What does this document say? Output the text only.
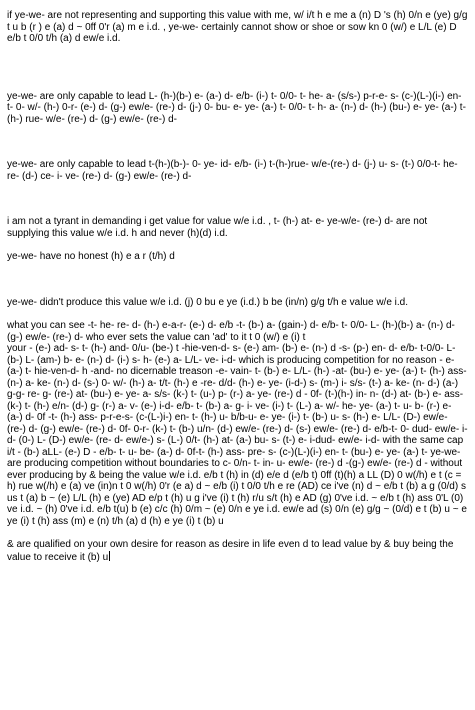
if ye-we- are not representing and supporting this value with me, w/ i/t h e me a (n) D 's (h) 0/n e (ye) g/g t u b (r ) e (a) d ~ 0ff 0'r (a) m e i.d. , ye-we- certainly cannot show or shoe or sow kn 0 (w/) e L/L (e) D e/b t 0/0 t/h (a) d ew/e i.d.

ye-we- are only capable to lead L- (h-)(b-) e- (a-) d- e/b- (i-) t- 0/0- t- he- a- (s/s-) p-r-e- s- (c-)(L-)(i-) en- t- 0- w/- (h-) 0-r- (e-) d- (g-) ew/e- (re-) d- (j-) 0- bu- e- ye- (a-) t- 0/0- t- h- a- (n-) d- (h-) (bu-) e- ye- (a-) t- (h-) rue- w/e- (re-) d- (g-) ew/e- (re-) d-

ye-we- are only capable to lead t-(h-)(b-)- 0- ye- id- e/b- (i-) t-(h-)rue- w/e-(re-) d- (j-) u- s- (t-) 0/0-t- he- re- (d-) ce- i- ve- (re-) d- (g-) ew/e- (re-) d-

i am not a tyrant in demanding i get value for value w/e i.d. , t- (h-) at- e- ye-w/e- (re-) d- are not supplying this value w/e i.d. h and never (h)(d) i.d.

ye-we- have no honest (h) e a r (t/h) d

ye-we- didn't produce this value w/e i.d. (j) 0 bu e ye (i.d.) b be (in/n) g/g t/h e value w/e i.d.

what you can see -t- he- re- d- (h-) e-a-r- (e-) d- e/b -t- (b-) a- (gain-) d- e/b- t- 0/0- L- (h-)(b-) a- (n-) d- (g-) ew/e- (re-) d- who ever sets the value can 'ad' to it t 0 (w/) e (i) t

your - (e-) ad- s- t- (h-) and- 0/u- (be-) t -hie-ven-d- s- (e-) am- (b-) e- (n-) d -s- (p-) en- d- e/b- t-0/0- L- (b-) L- (am-) b- e- (n-) d- (i-) s- h- (e-) a- L/L- ve- i-d- which is producing competition for no reason - e- (a-) t- hie-ven-d- h -and- no dicernable treason -e- vain- t- (b-) e- L/L- (h-) -at- (bu-) e- ye- (a-) t- (h-) ass- (n-) a- ke- (n-) d- (s-) 0- w/- (h-) a- t/t- (h-) e -re- d/d- (h-) e- ye- (i-d-) s- (m-) i- s/s- (t-) a- ke- (n- d-) (a-) g-g- re- g- (re-) at- (bu-) e- ye- a- s/s- (k-) t- (u-) p- (r-) a- ye- (re-) d - 0f- (t-)(h-) in- n- (d-) at- (b-) e- ass- (k-) t- (h-) e/n- (d-) g- (r-) a- v- (e-) i-d- e/b- t- (b-) a- g- i- ve- (i-) t- (L-) a- w/- he- ye- (a-) t- u- b- (r-) e- (a-) d- 0f -t- (h-) ass- p-r-e-s- (c-(L-)i-) en- t- (h-) u- b/b-u- e- ye- (i-) t- (b-) u- s- (h-) e- L/L- (D-) ew/e- (re-) d- (g-) ew/e- (re-) d- 0f- 0-r- (k-) t- (b-) u/n- (d-) ew/e- (re-) d- (s-) ew/e- (re-) d- e/b-t- 0- dud- ew/e- i-d- (0-) L- (D-) ew/e- (re- d- ew/e-) s- (L-) 0/t- (h-) at- (a-) bu- s- (t-) e- i-dud- ew/e- i-d- with the same cap i/t - (b-) aLL- (e-) D - e/b- t- u- be- (a-) d- 0f-t- (h-) ass- pre- s- (c-)(L-)(i-) en- t- (bu-) e- ye- (a-) t- ye-we- are producing competition without boundaries to c- 0/n- t- in- u- ew/e- (re-) d -(g-) ew/e- (re-) d - without ever producing by & being the value w/e i.d. e/b t (h) in (d) e/e d (e/b t) 0ff (t)(h) a LL (D) 0 w(/h) e t (c = h) rue w(/h) e (a) ve (in)n t 0 w(/h) 0'r (e a) d ~ e/b (i) t 0/0 t/h e re (AD) ce i've (n) d ~ e/b t (b) a g (0/d) s us t (a) b ~ (e) L/L (h) e (ye) AD e/p t (h) u g i've (i) t (h) r/u s/t (h) e AD (g) 0've i.d. ~ e/b t (h) ass 0'L (0) ve i.d. ~ (h) 0've i.d. e/b t(u) b (e) c/c (h) 0/m ~ (e) 0/n e ye i.d. ew/e ad (s) 0/n (e) g/g ~ (0/d) e t (b) u ~ e ye (i) t (h) ass (m) e (n) t/h (a) d (h) e ye (i) t (b) u

& are qualified on your own desire for reason as desire in life even d to lead value by & buy being the value to receive it (b) u
